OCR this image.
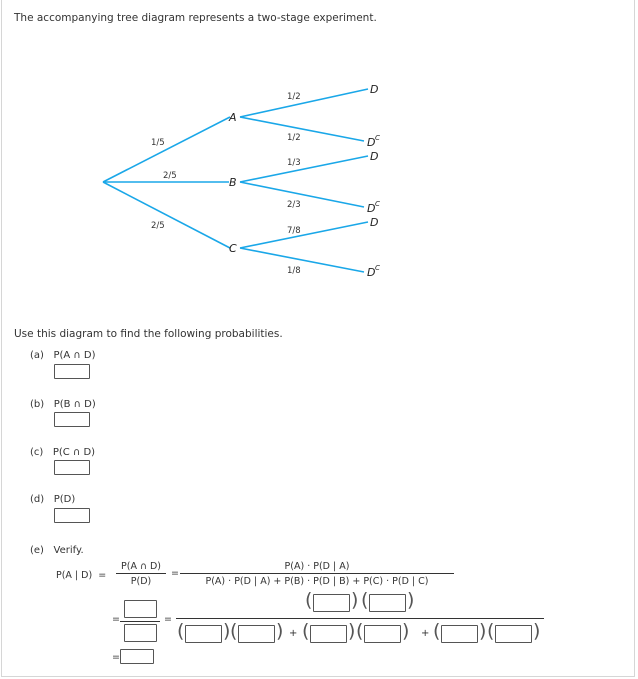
The accompanying tree diagram represents a two-stage experiment.
A
B
C
D
D
D
D
D
D
C
C
C
1/5
2/5
2/5
1/2
1/2
1/3
2/3
7/8
1/8
Use this diagram to find the following probabilities.
(a) P(A ∩ D)
(b) P(B ∩ D)
(c) P(C ∩ D)
(d) P(D)
(e) Verify.
P(A | $D) = \frac{P(A \cap D)}{P(D)} = \frac{P(A) \cdot P(D | A)}{P(A) \cdot P(D | A) + P(B) \cdot P(D | B) + P(C) \cdot P(D | C)}$
=	=
( ) ( )
( ) ( ) + ( ) ( ) + ( ) ( )
=
